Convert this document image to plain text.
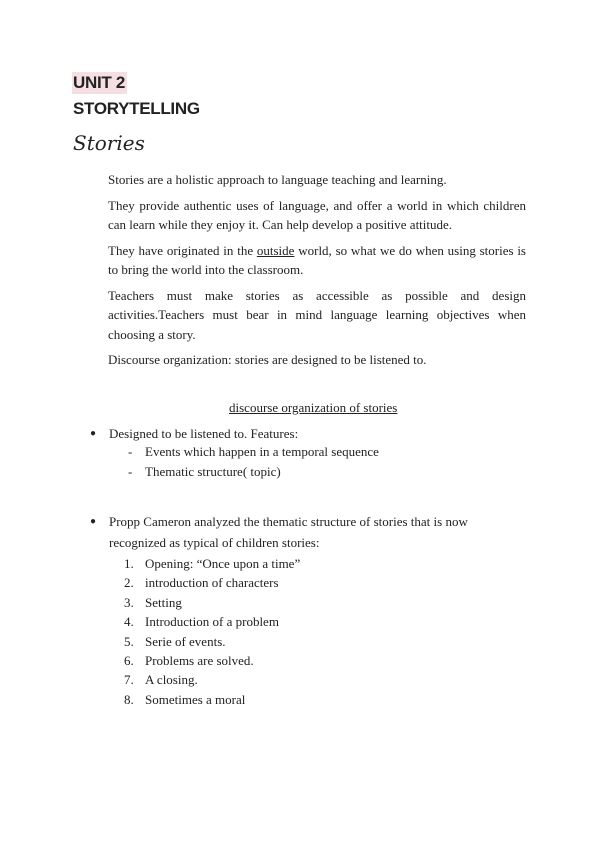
UNIT 2
STORYTELLING
Stories

Stories are a holistic approach to language teaching and learning.

They provide authentic uses of language, and offer a world in which children can learn while they enjoy it. Can help develop a positive attitude.

They have originated in the outside world, so what we do when using stories is to bring the world into the classroom.

Teachers must make stories as accessible as possible and design activities.Teachers must bear in mind language learning objectives when choosing a story.

Discourse organization: stories are designed to be listened to.

discourse organization of stories
● Designed to be listened to. Features:
- Events which happen in a temporal sequence
- Thematic structure( topic)
● Propp Cameron analyzed the thematic structure of stories that is now
recognized as typical of children stories:
1. Opening: “Once upon a time”
2. introduction of characters
3. Setting
4. Introduction of a problem
5. Serie of events.
6. Problems are solved.
7. A closing.
8. Sometimes a moral
